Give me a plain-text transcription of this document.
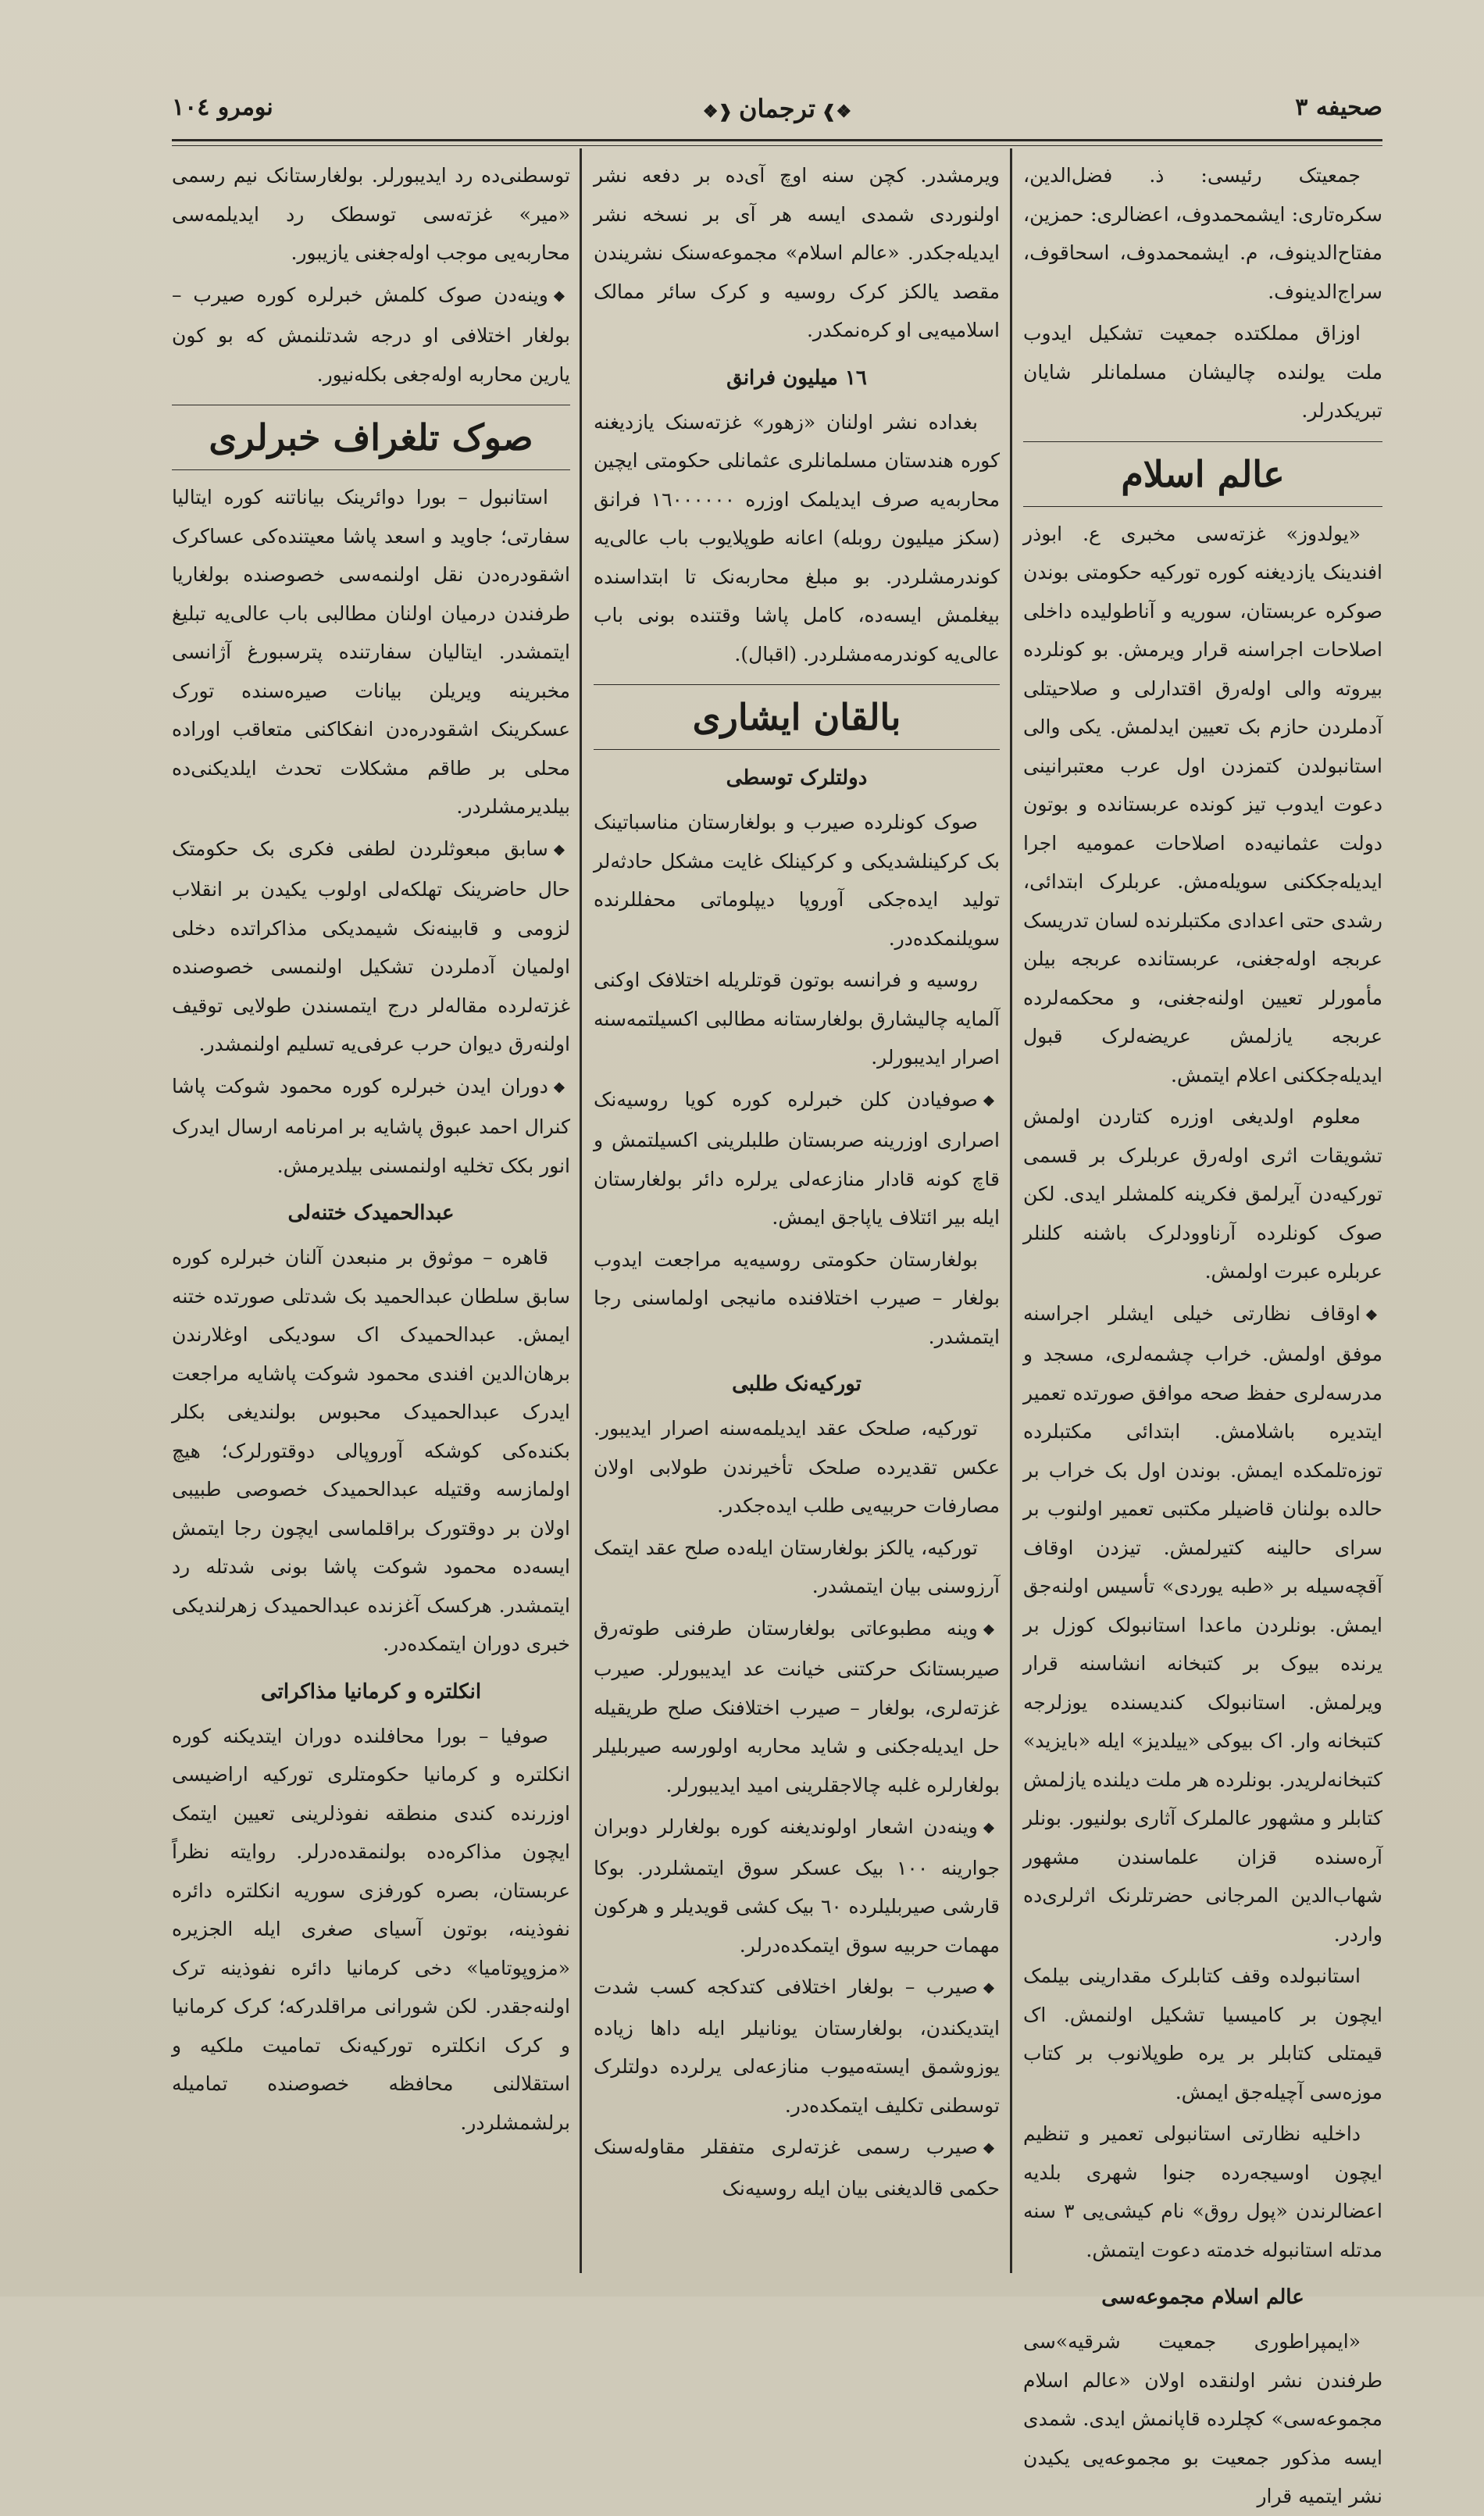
صحیفه ٣
❖❱ترجمان❰❖
نومرو ١٠٤

جمعیتک رئیسی: ذ. فضل‌الدین، سکره‌تاری: ایشمحمدوف، اعضالری: حمزین، مفتاح‌الدینوف، م. ایشمحمدوف، اسحاقوف، سراج‌الدینوف.

اوزاق مملکتده جمعیت تشکیل ایدوب ملت یولنده چالیشان مسلمانلر شایان تبریکدرلر.

عالم اسلام

«یولدوز» غزته‌سی مخبری ع. ابوذر افندینک یازدیغنه کوره تورکیه حکومتی بوندن صوکره عربستان، سوریه و آناطولیده داخلی اصلاحات اجراسنه قرار ویرمش. بو کونلرده بیروته والی اولەرق اقتدارلی و صلاحیتلی آدملردن حازم بک تعیین ایدلمش. یکی والی استانبولدن کتمزدن اول عرب معتبرانینی دعوت ایدوب تیز کونده عربستانده و بوتون دولت عثمانیه‌ده اصلاحات عمومیه اجرا ایدیله‌جککنی سویلەمش. عربلرک ابتدائی، رشدی حتی اعدادی مکتبلرنده لسان تدریسک عربجه اوله‌جغنی، عربستانده عربجه بیلن مأمورلر تعیین اولنه‌جغنی، و محکمەلرده عربجه یازلمش عریضەلرک قبول ایدیله‌جککنی اعلام ایتمش.

معلوم اولدیغی اوزره کتاردن اولمش تشویقات اثری اولەرق عربلرک بر قسمی تورکیه‌دن آیرلمق فکرینه کلمشلر ایدی. لکن صوک کونلرده آرناوودلرک باشنه کلنلر عربلره عبرت اولمش.

❖اوقاف نظارتی خیلی ایشلر اجراسنه موفق اولمش. خراب چشمەلری، مسجد و مدرسەلری حفظ صحه موافق صورتده تعمیر ایتدیره باشلامش. ابتدائی مکتبلرده توزه‌تلمکده ایمش. بوندن اول بک خراب بر حالده بولنان قاضیلر مکتبی تعمیر اولنوب بر سرای حالینه کتیرلمش. تیزدن اوقاف آقچه‌سیله بر «طبه یوردی» تأسیس اولنه‌جق ایمش. بونلردن ماعدا استانبولک کوزل بر یرنده بیوک بر کتبخانه انشاسنه قرار ویرلمش. استانبولک کندیسنده یوزلرجه کتبخانه وار. اک بیوکی «ییلدیز» ایله «بایزید» کتبخانەلریدر. بونلرده هر ملت دیلنده یازلمش کتابلر و مشهور عالملرک آثاری بولنیور. بونلر آره‌سنده قزان علماسندن مشهور شهاب‌الدین المرجانی حضرتلرنک اثرلری‌ده واردر.

استانبولده وقف کتابلرک مقدارینی بیلمک ایچون بر کامیسیا تشکیل اولنمش. اک قیمتلی کتابلر بر یره طوپلانوب بر کتاب موزه‌سی آچیله‌جق ایمش.

داخلیه نظارتی استانبولی تعمیر و تنظیم ایچون اوسیجه‌رده جنوا شهری بلدیه اعضالرندن «پول روق» نام کیشی‌یی ٣ سنه مدتله استانبوله خدمته دعوت ایتمش.

عالم اسلام مجموعه‌سی

«ایمپراطوری جمعیت شرقیه»سی طرفندن نشر اولنقده اولان «عالم اسلام مجموعه‌سی» کچلرده قاپانمش ایدی. شمدی ایسه مذکور جمعیت بو مجموعه‌یی یکیدن نشر ایتمیه قرار

ویرمشدر. کچن سنه اوچ آی‌ده بر دفعه نشر اولنوردی شمدی ایسه هر آی بر نسخه نشر ایدیله‌جکدر. «عالم اسلام» مجموعه‌سنک نشریندن مقصد یالکز کرک روسیه و کرک سائر ممالک اسلامیه‌یی او کره‌نمکدر.

١٦ میلیون فرانق

بغداده نشر اولنان «زهور» غزته‌سنک یازدیغنه کوره هندستان مسلمانلری عثمانلی حکومتی ایچین محاربه‌یه صرف ایدیلمک اوزره ١٦٠٠٠٠٠٠ فرانق (سکز میلیون روبله) اعانه طوپلایوب باب عالی‌یه کوندرمشلردر. بو مبلغ محاربه‌نک تا ابتداسنده بیغلمش ایسه‌ده، کامل پاشا وقتنده بونی باب عالی‌یه کوندرمه‌مشلردر. (اقبال).

بالقان ایشاری
دولتلرک توسطی

صوک کونلرده صیرب و بولغارستان مناسباتینک بک کرکینلشدیکی و کرکینلک غایت مشکل حادثەلر تولید ایده‌جکی آوروپا دیپلوماتی محفللرنده سویلنمکده‌در.

روسیه و فرانسه بوتون قوتلریله اختلافک اوکنی آلمایه چالیشارق بولغارستانه مطالبی اکسیلتمه‌سنه اصرار ایدیبورلر.

❖صوفیادن کلن خبرلره کوره کویا روسیه‌نک اصراری اوزرینه صربستان طلبلرینی اکسیلتمش و قاچ کونه قادار منازعه‌لی یرلره دائر بولغارستان ایله بیر ائتلاف یاپاجق ایمش.

بولغارستان حکومتی روسیه‌یه مراجعت ایدوب بولغار – صیرب اختلافنده مانیجی اولماسنی رجا ایتمشدر.

تورکیه‌نک طلبی

تورکیه، صلحک عقد ایدیلمه‌سنه اصرار ایدیبور. عکس تقدیرده صلحک تأخیرندن طولابی اولان مصارفات حربیه‌یی طلب ایده‌جکدر.

تورکیه، یالکز بولغارستان ایله‌ده صلح عقد ایتمک آرزوسنی بیان ایتمشدر.

❖وینه مطبوعاتی بولغارستان طرفنی طوتەرق صیربستانک حرکتنی خیانت عد ایدیبورلر. صیرب غزته‌لری، بولغار – صیرب اختلافنک صلح طریقیله حل ایدیله‌جکنی و شاید محاربه اولورسه صیربلیلر بولغارلره غلبه چالاجقلرینی امید ایدیبورلر.

❖وینه‌دن اشعار اولوندیغنه کوره بولغارلر دوبران جوارینه ١٠٠ بیک عسکر سوق ایتمشلردر. بوکا قارشی صیربلیلرده ٦٠ بیک کشی قویدیلر و هرکون مهمات حربیه سوق ایتمکده‌درلر.

❖صیرب – بولغار اختلافی کتدکجه کسب شدت ایتدیکندن، بولغارستان یونانیلر ایله داها زیاده یوزوشمق ایستەمیوب منازعه‌لی یرلرده دولتلرک توسطنی تکلیف ایتمکده‌در.

❖صیرب رسمی غزته‌لری متفقلر مقاوله‌سنک حکمی قالدیغنی بیان ایله روسیه‌نک

توسطنی‌ده رد ایدیبورلر. بولغارستانک نیم رسمی «میر» غزته‌سی توسطک رد ایدیلمه‌سی محاربه‌یی موجب اوله‌جغنی یازیبور.

❖وینه‌دن صوک کلمش خبرلره کوره صیرب – بولغار اختلافی او درجه شدتلنمش که بو کون یارین محاربه اوله‌جغی بکله‌نیور.

صوک تلغراف خبرلری

استانبول – بورا دوائرینک بیاناتنه کوره ایتالیا سفارتی؛ جاوید و اسعد پاشا معیتنده‌کی عساکرک اشقودره‌دن نقل اولنمه‌سی خصوصنده بولغاریا طرفندن درمیان اولنان مطالبی باب عالی‌یه تبلیغ ایتمشدر. ایتالیان سفارتنده پترسبورغ آژانسی مخبرینه ویریلن بیانات صیره‌سنده تورک عسکرینک اشقودره‌دن انفکاکنی متعاقب اوراده محلی بر طاقم مشکلات تحدث ایلدیکنی‌ده بیلدیرمشلردر.

❖سابق مبعوثلردن لطفی فکری بک حکومتک حال حاضرینک تهلکه‌لی اولوب یکیدن بر انقلاب لزومی و قابینه‌نک شیمدیکی مذاکراتده دخلی اولمیان آدملردن تشکیل اولنمسی خصوصنده غزته‌لرده مقالەلر درج ایتمسندن طولایی توقیف اولنەرق دیوان حرب عرفی‌یه تسلیم اولنمشدر.

❖دوران ایدن خبرلره کوره محمود شوکت پاشا کنرال احمد عبوق پاشایه بر امرنامه ارسال ایدرک انور بکک تخلیه اولنمسنی بیلدیرمش.

عبدالحمیدک ختنه‌لی

قاهره – موثوق بر منبعدن آلنان خبرلره کوره سابق سلطان عبدالحمید بک شدتلی صورتده ختنه ایمش. عبدالحمیدک اک سودیکی اوغلارندن برهان‌الدین افندی محمود شوکت پاشایه مراجعت ایدرک عبدالحمیدک محبوس بولندیغی بکلر بکنده‌کی کوشکه آوروپالی دوقتورلرک؛ هیچ اولمازسه وقتیله عبدالحمیدک خصوصی طبیبی اولان بر دوقتورک براقلماسی ایچون رجا ایتمش ایسه‌ده محمود شوکت پاشا بونی شدتله رد ایتمشدر. هرکسک آغزنده عبدالحمیدک زهرلندیکی خبری دوران ایتمکده‌در.

انکلتره و کرمانیا مذاکراتی

صوفیا – بورا محافلنده دوران ایتدیکنه کوره انکلتره و کرمانیا حکومتلری تورکیه اراضیسی اوزرنده کندی منطقه نفوذلرینی تعیین ایتمک ایچون مذاکرەده بولنمقده‌درلر. روایته نظراً عربستان، بصره کورفزی سوریه انکلتره دائره نفوذینه، بوتون آسیای صغری ایله الجزیره «مزوپوتامیا» دخی کرمانیا دائره نفوذینه ترک اولنه‌جقدر. لکن شورانی مراقلدرکه؛ کرک کرمانیا و کرک انکلتره تورکیه‌نک تمامیت ملکیه و استقلالنی محافظه خصوصنده تمامیله برلشمشلردر.
